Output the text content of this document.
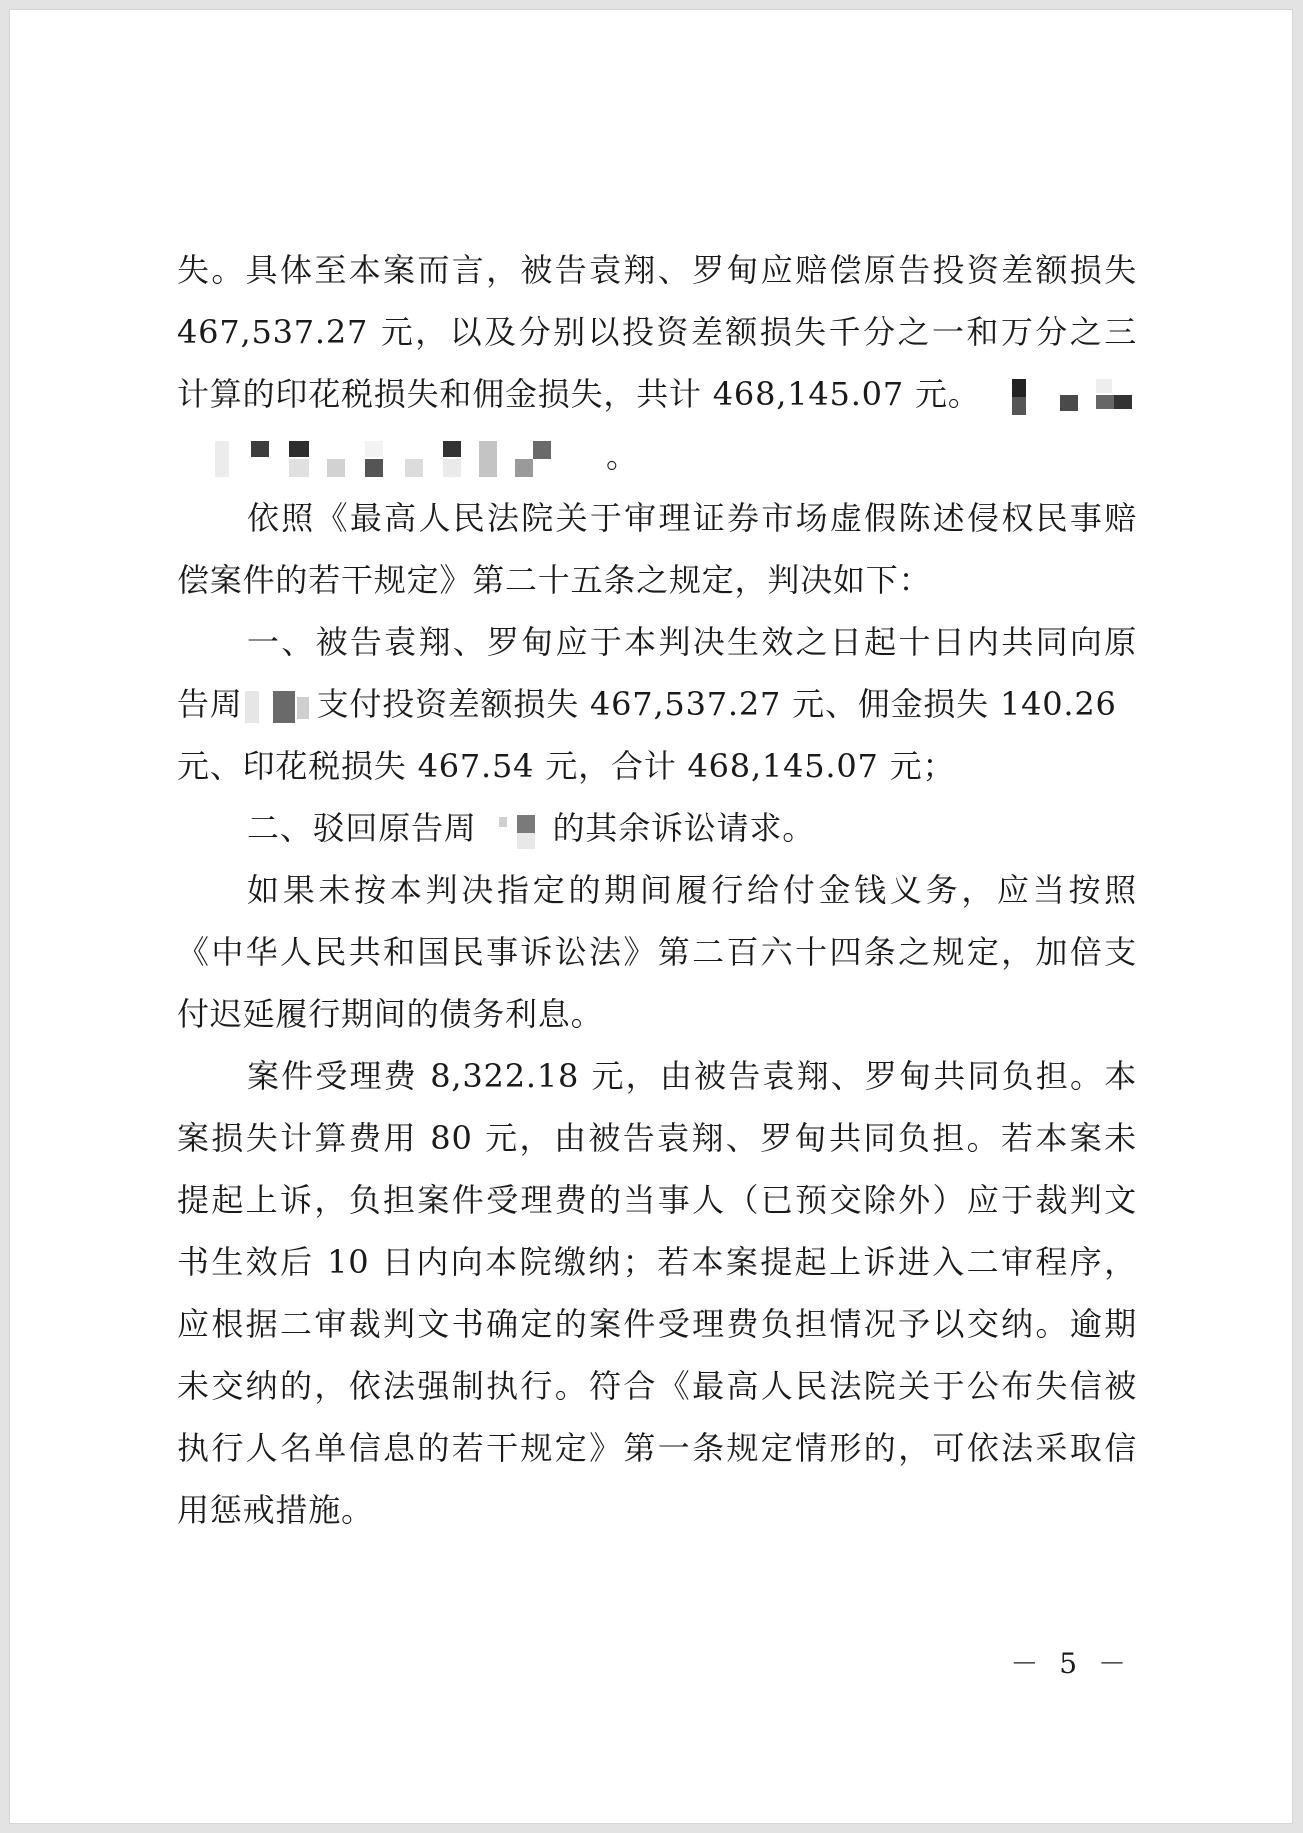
失。具体至本案而言，被告袁翔、罗甸应赔偿原告投资差额损失
467,537.27 元，以及分别以投资差额损失千分之一和万分之三
计算的印花税损失和佣金损失，共计 468,145.07 元。
。
依照《最高人民法院关于审理证券市场虚假陈述侵权民事赔
偿案件的若干规定》第二十五条之规定，判决如下：
一、被告袁翔、罗甸应于本判决生效之日起十日内共同向原
告周 支付投资差额损失 467,537.27 元、佣金损失 140.26
元、印花税损失 467.54 元，合计 468,145.07 元；
二、驳回原告周 的其余诉讼请求。
如果未按本判决指定的期间履行给付金钱义务，应当按照
《中华人民共和国民事诉讼法》第二百六十四条之规定，加倍支
付迟延履行期间的债务利息。
案件受理费 8,322.18 元，由被告袁翔、罗甸共同负担。本
案损失计算费用 80 元，由被告袁翔、罗甸共同负担。若本案未
提起上诉，负担案件受理费的当事人（已预交除外）应于裁判文
书生效后 10 日内向本院缴纳；若本案提起上诉进入二审程序，
应根据二审裁判文书确定的案件受理费负担情况予以交纳。逾期
未交纳的，依法强制执行。符合《最高人民法院关于公布失信被
执行人名单信息的若干规定》第一条规定情形的，可依法采取信
用惩戒措施。
－ 5 －
